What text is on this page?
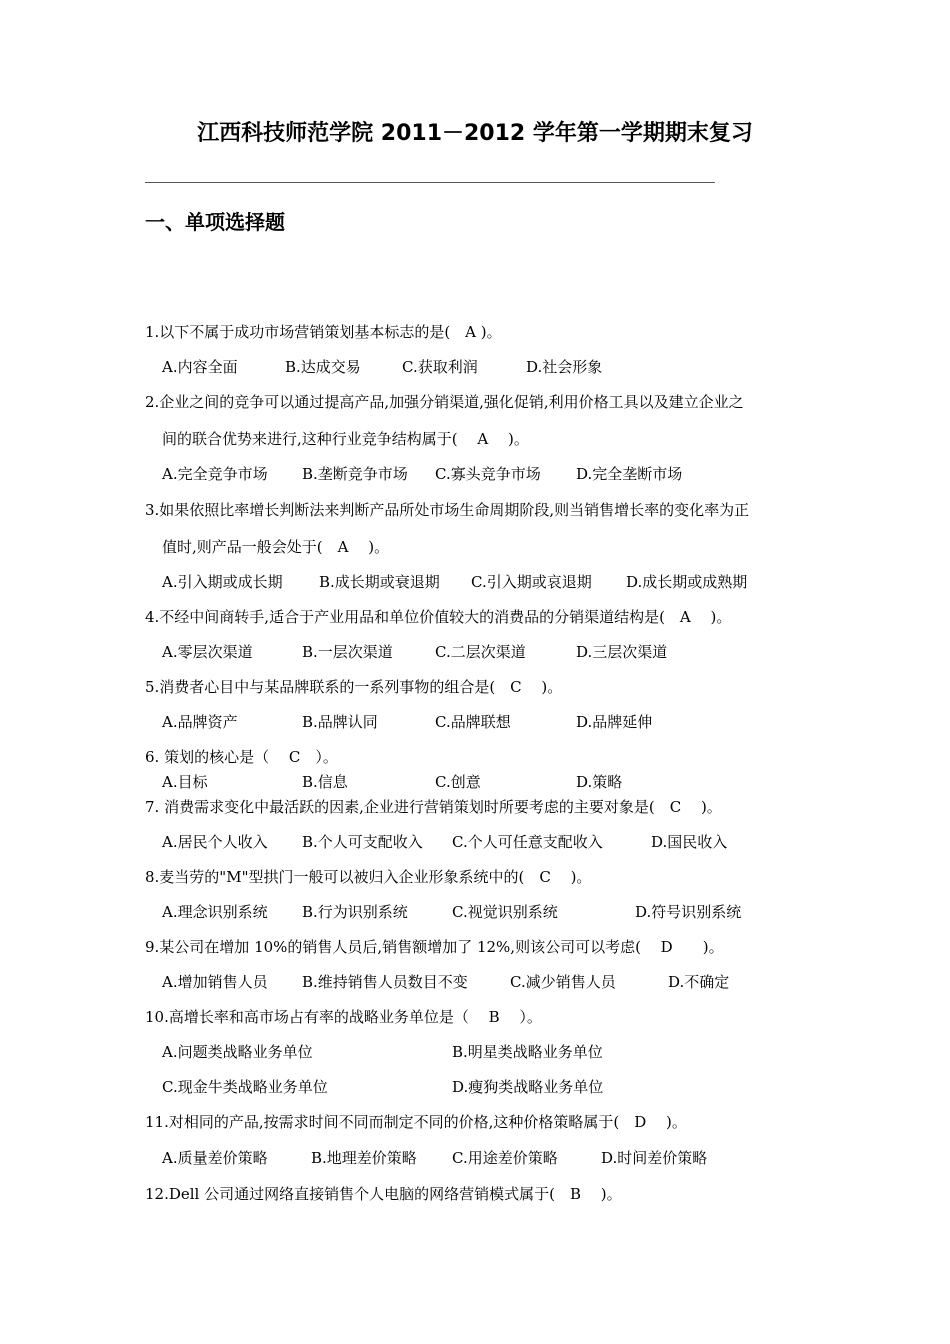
江西科技师范学院 2011－2012 学年第一学期期末复习
一、单项选择题
1.以下不属于成功市场营销策划基本标志的是(　A )。
A.内容全面	B.达成交易	C.获取利润	D.社会形象
2.企业之间的竞争可以通过提高产品,加强分销渠道,强化促销,利用价格工具以及建立企业之
间的联合优势来进行,这种行业竞争结构属于(　 A　 )。
A.完全竞争市场 B.垄断竞争市场 C.寡头竞争市场 D.完全垄断市场
3.如果依照比率增长判断法来判断产品所处市场生命周期阶段,则当销售增长率的变化率为正
值时,则产品一般会处于(　A　 )。
A.引入期或成长期 B.成长期或衰退期 C.引入期或哀退期 D.成长期或成熟期
4.不经中间商转手,适合于产业用品和单位价值较大的消费品的分销渠道结构是(　A　 )。
A.零层次渠道	B.一层次渠道	C.二层次渠道	D.三层次渠道
5.消费者心目中与某品牌联系的一系列事物的组合是(　C　 )。
A.品牌资产	B.品牌认同	C.品牌联想	D.品牌延伸
6. 策划的核心是（　 C　）。
A.目标	B.信息	C.创意	D.策略
7. 消费需求变化中最活跃的因素,企业进行营销策划时所要考虑的主要对象是(　C　 )。
A.居民个人收入 B.个人可支配收入 C.个人可任意支配收入	D.国民收入
8.麦当劳的"M"型拱门一般可以被归入企业形象系统中的(　C　 )。
A.理念识别系统 B.行为识别系统	C.视觉识别系统	D.符号识别系统
9.某公司在增加 10%的销售人员后,销售额增加了 12%,则该公司可以考虑(　 D　　)。
A.增加销售人员 B.维持销售人员数目不变	C.减少销售人员	D.不确定
10.高增长率和高市场占有率的战略业务单位是（　 B　 ）。
A.问题类战略业务单位	B.明星类战略业务单位
C.现金牛类战略业务单位	D.瘦狗类战略业务单位
11.对相同的产品,按需求时间不同而制定不同的价格,这种价格策略属于(　D　 )。
A.质量差价策略	B.地理差价策略 C.用途差价策略	D.时间差价策略
12.Dell 公司通过网络直接销售个人电脑的网络营销模式属于(　B　 )。
